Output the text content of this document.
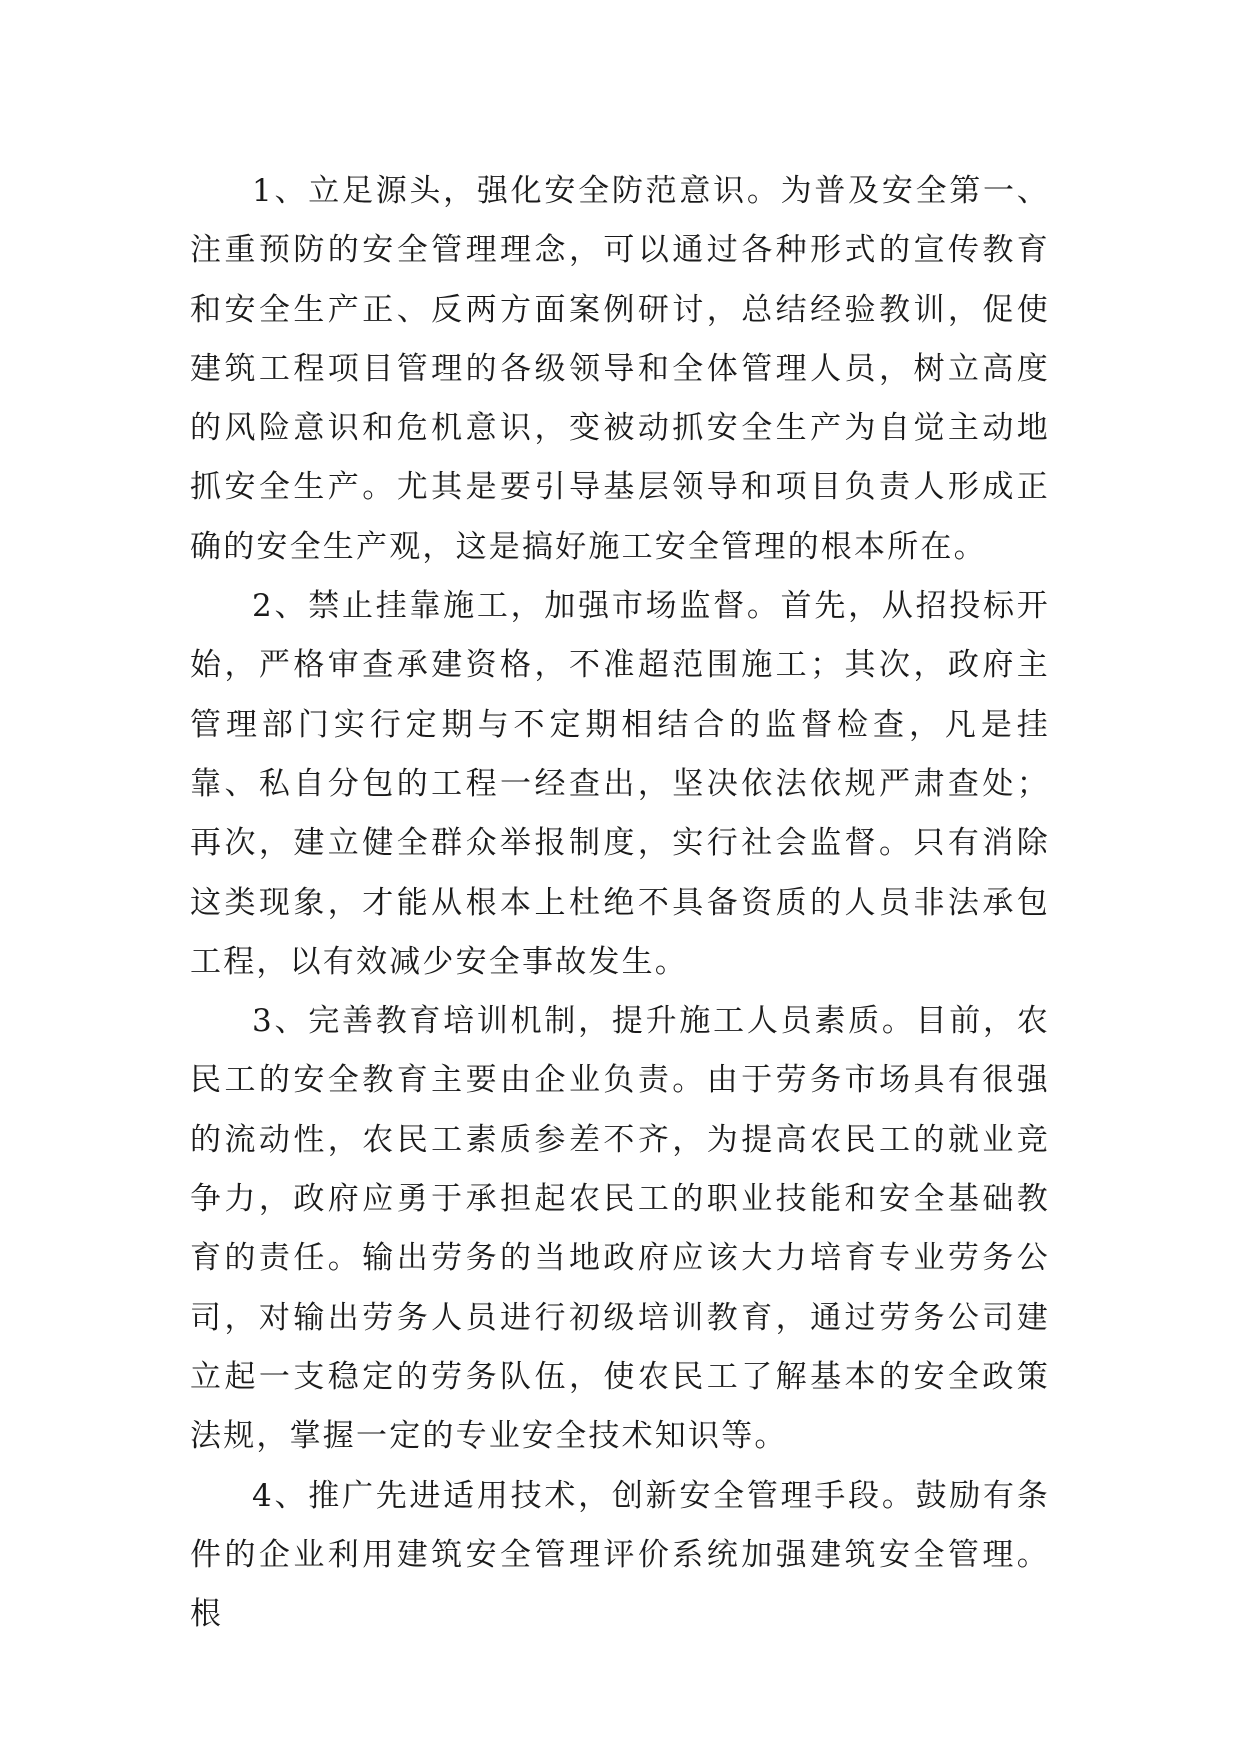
1、立足源头，强化安全防范意识。为普及安全第一、注重预防的安全管理理念，可以通过各种形式的宣传教育和安全生产正、反两方面案例研讨，总结经验教训，促使建筑工程项目管理的各级领导和全体管理人员，树立高度的风险意识和危机意识，变被动抓安全生产为自觉主动地抓安全生产。尤其是要引导基层领导和项目负责人形成正确的安全生产观，这是搞好施工安全管理的根本所在。

2、禁止挂靠施工，加强市场监督。首先，从招投标开始，严格审查承建资格，不准超范围施工；其次，政府主管理部门实行定期与不定期相结合的监督检查，凡是挂靠、私自分包的工程一经查出，坚决依法依规严肃查处；再次，建立健全群众举报制度，实行社会监督。只有消除这类现象，才能从根本上杜绝不具备资质的人员非法承包工程，以有效减少安全事故发生。

3、完善教育培训机制，提升施工人员素质。目前，农民工的安全教育主要由企业负责。由于劳务市场具有很强的流动性，农民工素质参差不齐，为提高农民工的就业竞争力，政府应勇于承担起农民工的职业技能和安全基础教育的责任。输出劳务的当地政府应该大力培育专业劳务公司，对输出劳务人员进行初级培训教育，通过劳务公司建立起一支稳定的劳务队伍，使农民工了解基本的安全政策法规，掌握一定的专业安全技术知识等。

4、推广先进适用技术，创新安全管理手段。鼓励有条件的企业利用建筑安全管理评价系统加强建筑安全管理。根
